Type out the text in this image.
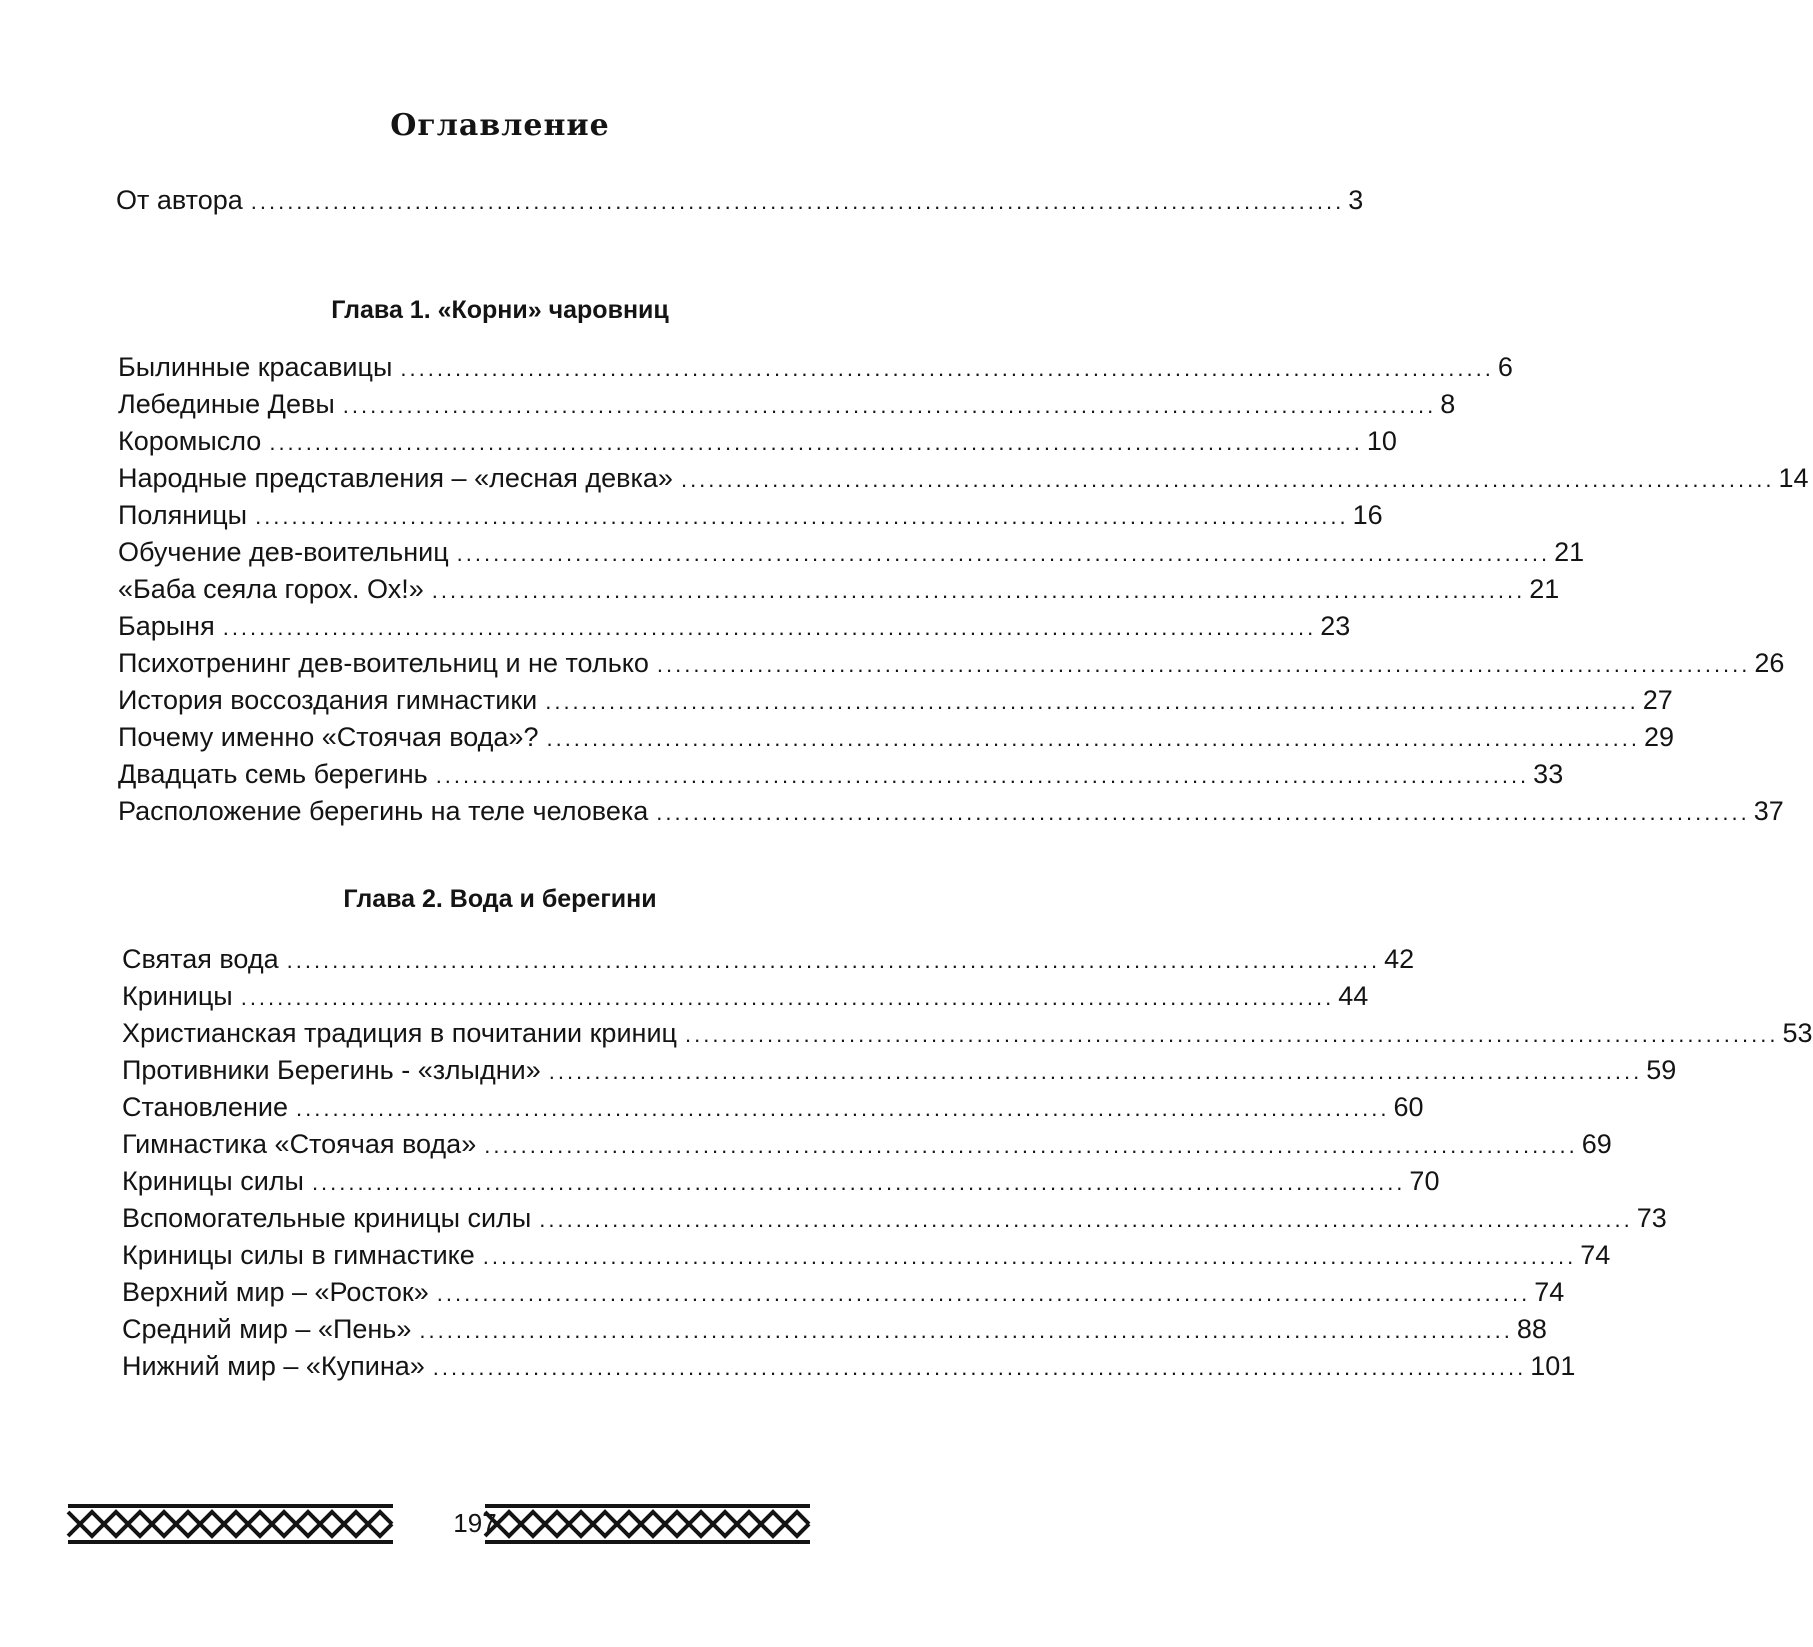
Оглавление
От автора ........................................................................................................................ 3
Глава 1. «Корни» чаровниц
Былинные красавицы ........................................................................................................................ 6
Лебединые Девы ........................................................................................................................ 8
Коромысло ........................................................................................................................ 10
Народные представления – «лесная девка» ........................................................................................................................ 14
Поляницы ........................................................................................................................ 16
Обучение дев-воительниц ........................................................................................................................ 21
«Баба сеяла горох. Ох!» ........................................................................................................................ 21
Барыня ........................................................................................................................ 23
Психотренинг дев-воительниц и не только ........................................................................................................................ 26
История воссоздания гимнастики ........................................................................................................................ 27
Почему именно «Стоячая вода»? ........................................................................................................................ 29
Двадцать семь берегинь ........................................................................................................................ 33
Расположение берегинь на теле человека ........................................................................................................................ 37
Глава 2. Вода и берегини
Святая вода ........................................................................................................................ 42
Криницы ........................................................................................................................ 44
Христианская традиция в почитании криниц ........................................................................................................................ 53
Противники Берегинь - «злыдни» ........................................................................................................................ 59
Становление ........................................................................................................................ 60
Гимнастика «Стоячая вода» ........................................................................................................................ 69
Криницы силы ........................................................................................................................ 70
Вспомогательные криницы силы ........................................................................................................................ 73
Криницы силы в гимнастике ........................................................................................................................ 74
Верхний мир – «Росток» ........................................................................................................................ 74
Средний мир – «Пень» ........................................................................................................................ 88
Нижний мир – «Купина» ........................................................................................................................ 101
197
